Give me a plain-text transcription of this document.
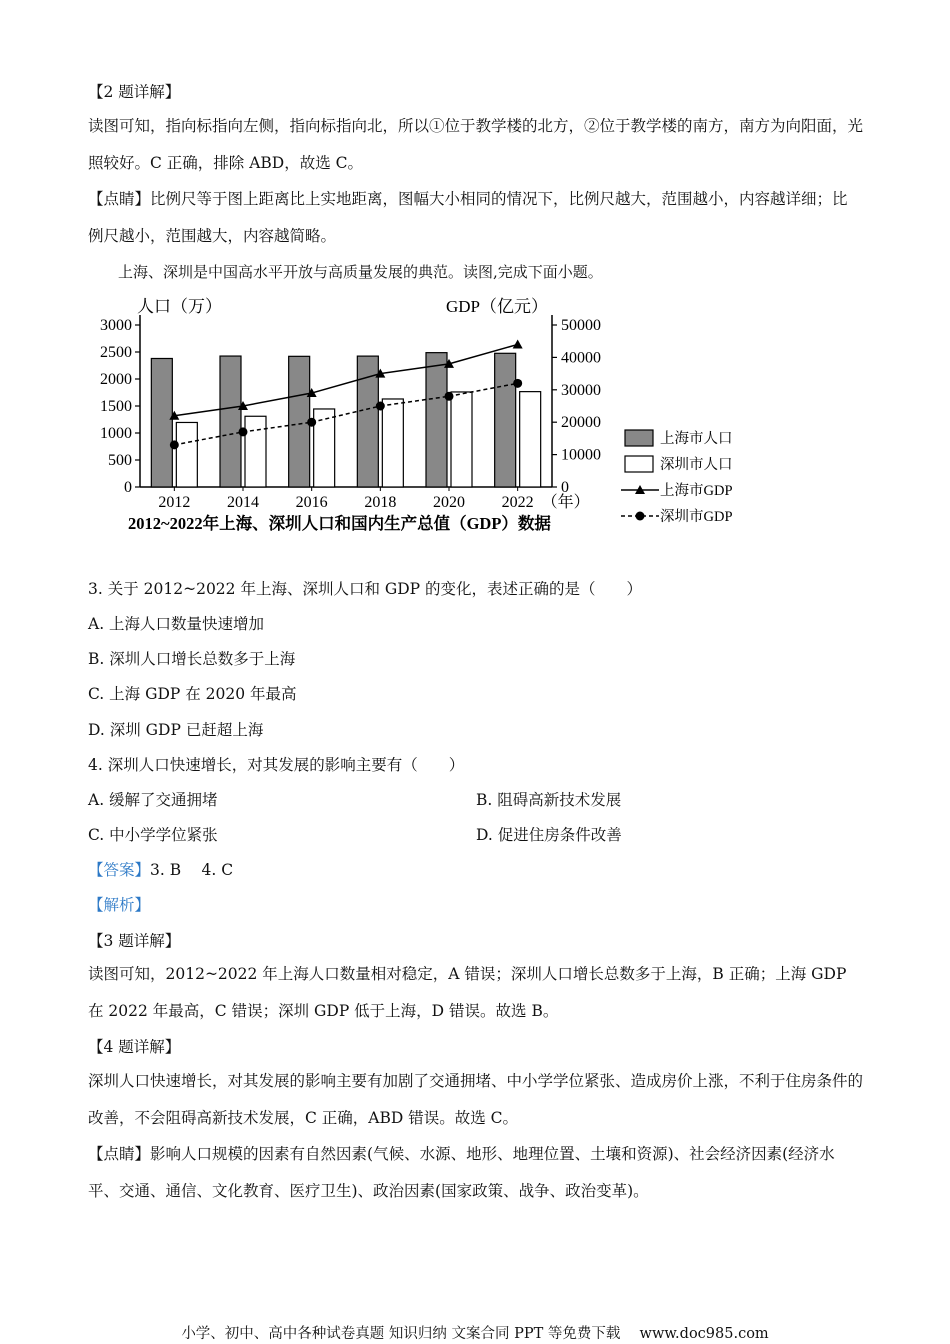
【2 题详解】

读图可知，指向标指向左侧，指向标指向北，所以①位于教学楼的北方，②位于教学楼的南方，南方为向阳面，光照较好。C 正确，排除 ABD，故选 C。

【点睛】比例尺等于图上距离比上实地距离，图幅大小相同的情况下，比例尺越大，范围越小，内容越详细；比例尺越小，范围越大，内容越简略。

上海、深圳是中国高水平开放与高质量发展的典范。读图,完成下面小题。

0
500
1000
1500
2000
2500
3000
0
10000
20000
30000
40000
50000
人口（万）	GDP（亿元）
2012 2014 2016 2018 2020 2022 （年）
2012~2022年上海、深圳人口和国内生产总值（GDP）数据
上海市人口
深圳市人口
上海市GDP
深圳市GDP

3. 关于 2012~2022 年上海、深圳人口和 GDP 的变化，表述正确的是（　　）

A. 上海人口数量快速增加

B. 深圳人口增长总数多于上海

C. 上海 GDP 在 2020 年最高

D. 深圳 GDP 已赶超上海

4. 深圳人口快速增长，对其发展的影响主要有（　　）

A. 缓解了交通拥堵	B. 阻碍高新技术发展

C. 中小学学位紧张	D. 促进住房条件改善

【答案】3. B　 4. C

【解析】

【3 题详解】

读图可知，2012~2022 年上海人口数量相对稳定，A 错误；深圳人口增长总数多于上海，B 正确；上海 GDP 在 2022 年最高，C 错误；深圳 GDP 低于上海，D 错误。故选 B。

【4 题详解】

深圳人口快速增长，对其发展的影响主要有加剧了交通拥堵、中小学学位紧张、造成房价上涨，不利于住房条件的改善，不会阻碍高新技术发展，C 正确，ABD 错误。故选 C。

【点睛】影响人口规模的因素有自然因素(气候、水源、地形、地理位置、土壤和资源)、社会经济因素(经济水平、交通、通信、文化教育、医疗卫生)、政治因素(国家政策、战争、政治变革)。

小学、初中、高中各种试卷真题 知识归纳 文案合同 PPT 等免费下载　 www.doc985.com
